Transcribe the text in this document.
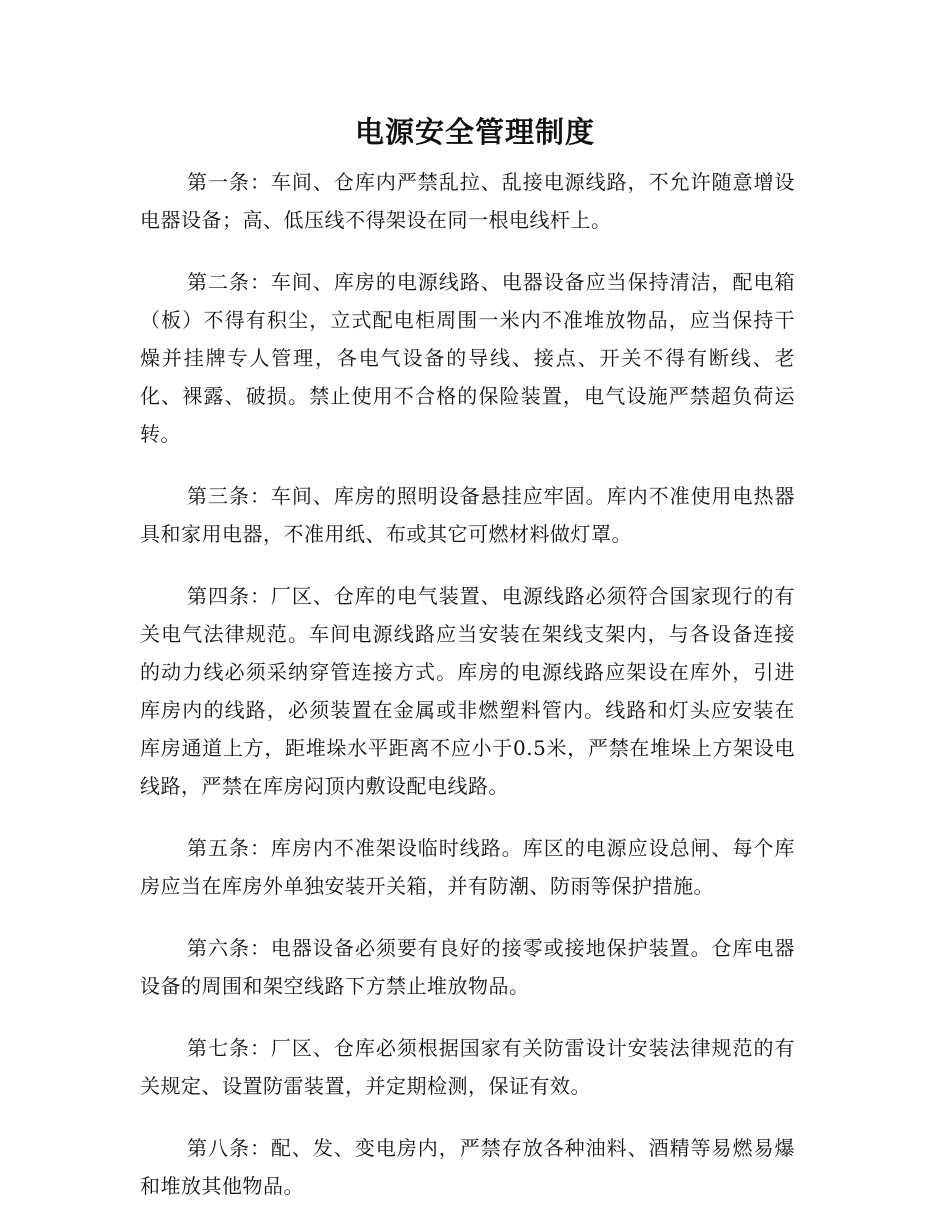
电源安全管理制度

第一条：车间、仓库内严禁乱拉、乱接电源线路，不允许随意增设电器设备；高、低压线不得架设在同一根电线杆上。

第二条：车间、库房的电源线路、电器设备应当保持清洁，配电箱（板）不得有积尘，立式配电柜周围一米内不准堆放物品，应当保持干燥并挂牌专人管理，各电气设备的导线、接点、开关不得有断线、老化、裸露、破损。禁止使用不合格的保险装置，电气设施严禁超负荷运转。

第三条：车间、库房的照明设备悬挂应牢固。库内不准使用电热器具和家用电器，不准用纸、布或其它可燃材料做灯罩。

第四条：厂区、仓库的电气装置、电源线路必须符合国家现行的有关电气法律规范。车间电源线路应当安装在架线支架内，与各设备连接的动力线必须采纳穿管连接方式。库房的电源线路应架设在库外，引进库房内的线路，必须装置在金属或非燃塑料管内。线路和灯头应安装在库房通道上方，距堆垛水平距离不应小于0.5米，严禁在堆垛上方架设电线路，严禁在库房闷顶内敷设配电线路。

第五条：库房内不准架设临时线路。库区的电源应设总闸、每个库房应当在库房外单独安装开关箱，并有防潮、防雨等保护措施。

第六条：电器设备必须要有良好的接零或接地保护装置。仓库电器设备的周围和架空线路下方禁止堆放物品。

第七条：厂区、仓库必须根据国家有关防雷设计安装法律规范的有关规定、设置防雷装置，并定期检测，保证有效。

第八条：配、发、变电房内，严禁存放各种油料、酒精等易燃易爆和堆放其他物品。
